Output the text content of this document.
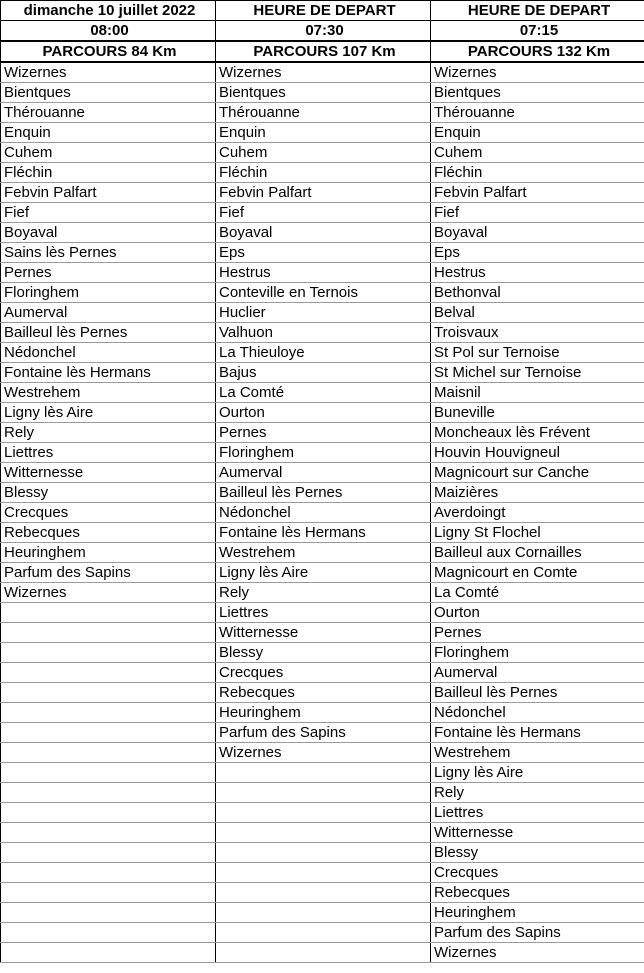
dimanche 10 juillet 2022	HEURE DE DEPART	HEURE DE DEPART
08:00	07:30	07:15
PARCOURS 84 Km	PARCOURS 107 Km	PARCOURS 132 Km
Wizernes	Wizernes	Wizernes
Bientques	Bientques	Bientques
Thérouanne	Thérouanne	Thérouanne
Enquin	Enquin	Enquin
Cuhem	Cuhem	Cuhem
Fléchin	Fléchin	Fléchin
Febvin Palfart	Febvin Palfart	Febvin Palfart
Fief	Fief	Fief
Boyaval	Boyaval	Boyaval
Sains lès Pernes	Eps	Eps
Pernes	Hestrus	Hestrus
Floringhem	Conteville en Ternois	Bethonval
Aumerval	Huclier	Belval
Bailleul lès Pernes	Valhuon	Troisvaux
Nédonchel	La Thieuloye	St Pol sur Ternoise
Fontaine lès Hermans	Bajus	St Michel sur Ternoise
Westrehem	La Comté	Maisnil
Ligny lès Aire	Ourton	Buneville
Rely	Pernes	Moncheaux lès Frévent
Liettres	Floringhem	Houvin Houvigneul
Witternesse	Aumerval	Magnicourt sur Canche
Blessy	Bailleul lès Pernes	Maizières
Crecques	Nédonchel	Averdoingt
Rebecques	Fontaine lès Hermans	Ligny St Flochel
Heuringhem	Westrehem	Bailleul aux Cornailles
Parfum des Sapins	Ligny lès Aire	Magnicourt en Comte
Wizernes	Rely	La Comté
	Liettres	Ourton
	Witternesse	Pernes
	Blessy	Floringhem
	Crecques	Aumerval
	Rebecques	Bailleul lès Pernes
	Heuringhem	Nédonchel
	Parfum des Sapins	Fontaine lès Hermans
	Wizernes	Westrehem
		Ligny lès Aire
		Rely
		Liettres
		Witternesse
		Blessy
		Crecques
		Rebecques
		Heuringhem
		Parfum des Sapins
		Wizernes
